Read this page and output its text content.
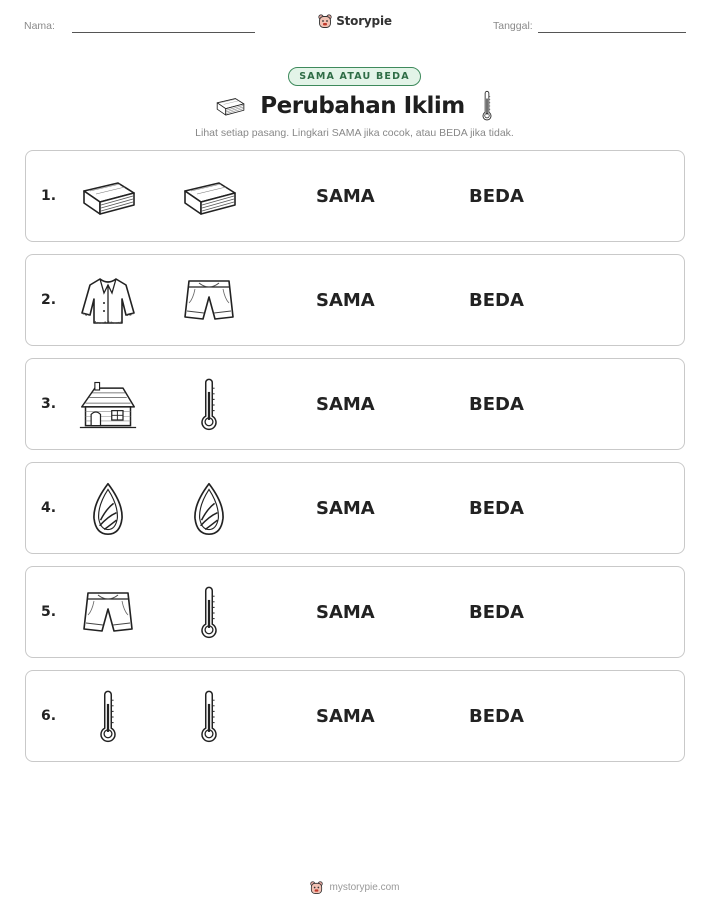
Nama:	Storypie	Tanggal:
SAMA ATAU BEDA
Perubahan Iklim
Lihat setiap pasang. Lingkari SAMA jika cocok, atau BEDA jika tidak.
1.	SAMA	BEDA
2.	SAMA	BEDA
3.	SAMA	BEDA
4.	SAMA	BEDA
5.	SAMA	BEDA
6.	SAMA	BEDA
mystorypie.com
